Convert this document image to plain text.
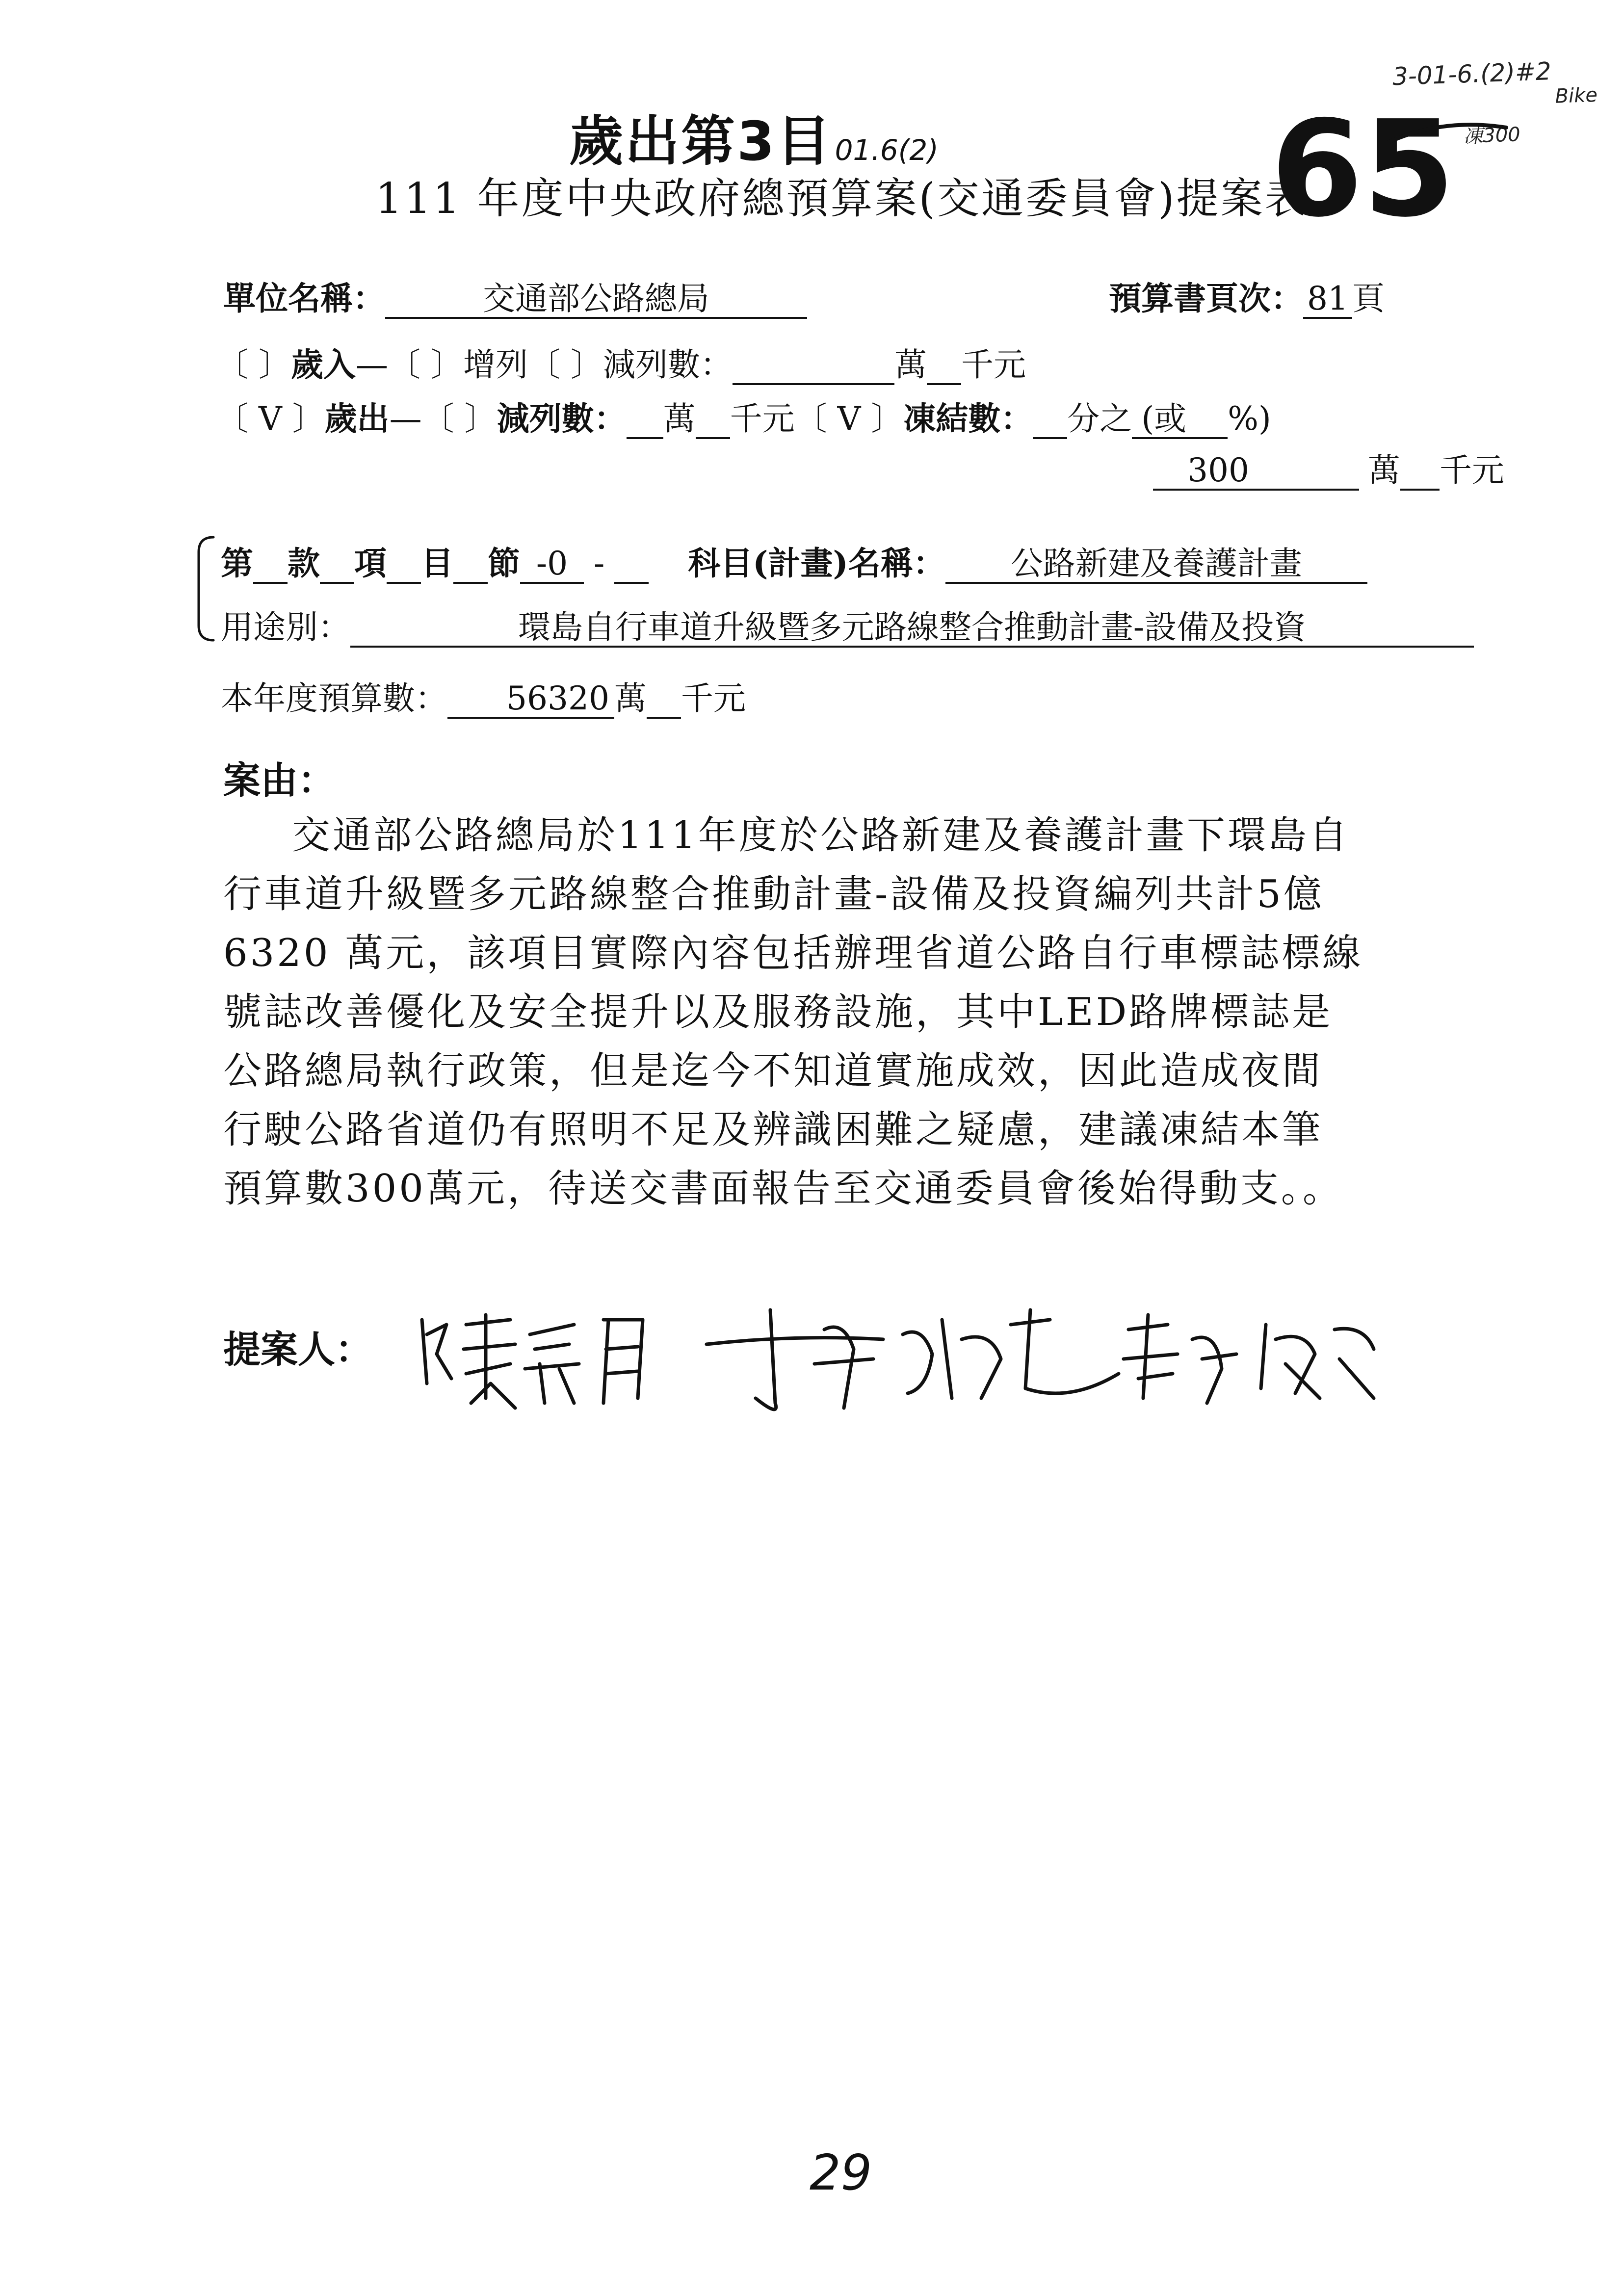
3-01-6.(2)#2
Bike
凍300
歲出第3目 01.6(2)
111 年度中央政府總預算案(交通委員會)提案表
65
單位名稱：	交通部公路總局	預算書頁次： 81 頁
〔 〕歲入—〔 〕增列〔 〕減列數：	萬 千元
〔 V 〕歲出—〔 〕減列數： 萬 千元〔 V 〕凍結數： 分之 (或 %)
300	萬 千元
第 款 項 目 節 -0 -	科目(計畫)名稱： 公路新建及養護計畫
用途別：	環島自行車道升級暨多元路線整合推動計畫-設備及投資
本年度預算數： 56320 萬 千元
案由：
交通部公路總局於111年度於公路新建及養護計畫下環島自
行車道升級暨多元路線整合推動計畫-設備及投資編列共計5億
6320 萬元，該項目實際內容包括辦理省道公路自行車標誌標線
號誌改善優化及安全提升以及服務設施，其中LED路牌標誌是
公路總局執行政策，但是迄今不知道實施成效，因此造成夜間
行駛公路省道仍有照明不足及辨識困難之疑慮，建議凍結本筆
預算數300萬元，待送交書面報告至交通委員會後始得動支。。
提案人：
29
